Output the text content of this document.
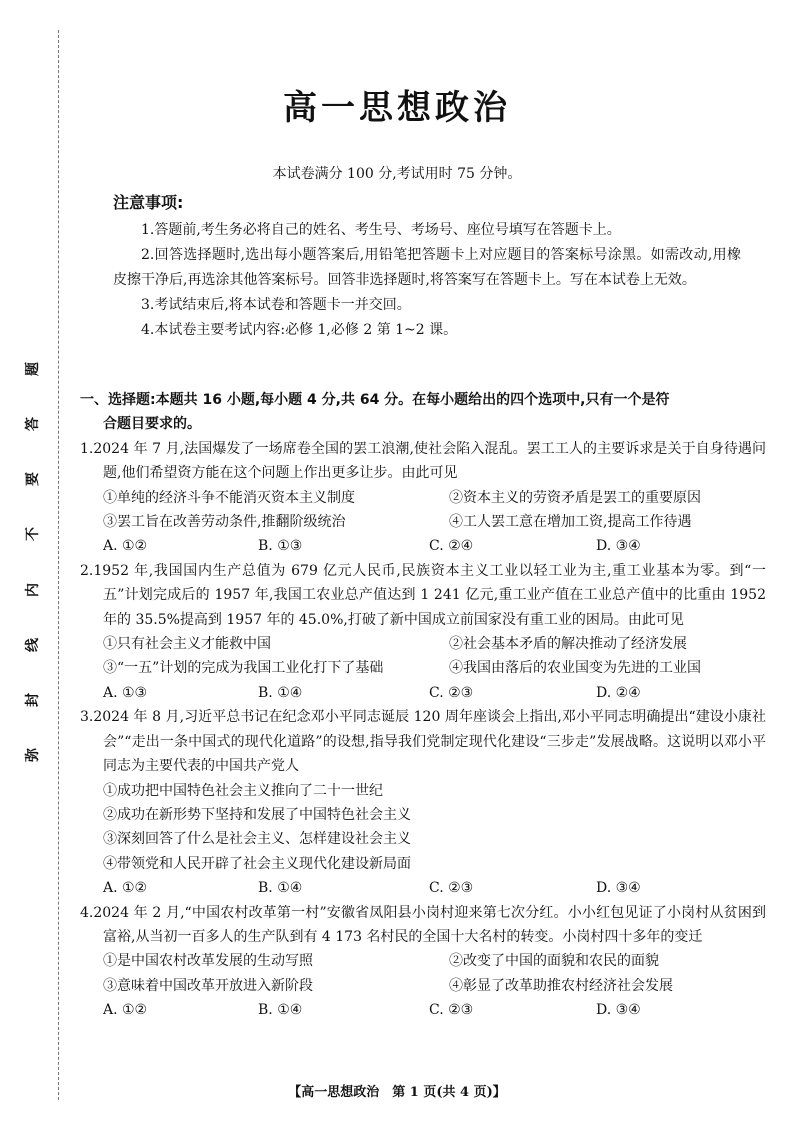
题
答
要
不
内
线
封
弥
高一思想政治
本试卷满分 100 分,考试用时 75 分钟。
注意事项:

1.答题前,考生务必将自己的姓名、考生号、考场号、座位号填写在答题卡上。

2.回答选择题时,选出每小题答案后,用铅笔把答题卡上对应题目的答案标号涂黑。如需改动,用橡皮擦干净后,再选涂其他答案标号。回答非选择题时,将答案写在答题卡上。写在本试卷上无效。

3.考试结束后,将本试卷和答题卡一并交回。

4.本试卷主要考试内容:必修 1,必修 2 第 1~2 课。

一、选择题:本题共 16 小题,每小题 4 分,共 64 分。在每小题给出的四个选项中,只有一个是符
合题目要求的。
1.2024 年 7 月,法国爆发了一场席卷全国的罢工浪潮,使社会陷入混乱。罢工工人的主要诉求是关于自身待遇问题,他们希望资方能在这个问题上作出更多让步。由此可见
①单纯的经济斗争不能消灭资本主义制度	②资本主义的劳资矛盾是罢工的重要原因
③罢工旨在改善劳动条件,推翻阶级统治	④工人罢工意在增加工资,提高工作待遇
A. ①②	B. ①③	C. ②④	D. ③④
2.1952 年,我国国内生产总值为 679 亿元人民币,民族资本主义工业以轻工业为主,重工业基本为零。到“一五”计划完成后的 1957 年,我国工农业总产值达到 1 241 亿元,重工业产值在工业总产值中的比重由 1952 年的 35.5%提高到 1957 年的 45.0%,打破了新中国成立前国家没有重工业的困局。由此可见
①只有社会主义才能救中国	②社会基本矛盾的解决推动了经济发展
③“一五”计划的完成为我国工业化打下了基础	④我国由落后的农业国变为先进的工业国
A. ①③	B. ①④	C. ②③	D. ②④
3.2024 年 8 月,习近平总书记在纪念邓小平同志诞辰 120 周年座谈会上指出,邓小平同志明确提出“建设小康社会”“走出一条中国式的现代化道路”的设想,指导我们党制定现代化建设“三步走”发展战略。这说明以邓小平同志为主要代表的中国共产党人
①成功把中国特色社会主义推向了二十一世纪
②成功在新形势下坚持和发展了中国特色社会主义
③深刻回答了什么是社会主义、怎样建设社会主义
④带领党和人民开辟了社会主义现代化建设新局面
A. ①②	B. ①④	C. ②③	D. ③④
4.2024 年 2 月,“中国农村改革第一村”安徽省凤阳县小岗村迎来第七次分红。小小红包见证了小岗村从贫困到富裕,从当初一百多人的生产队到有 4 173 名村民的全国十大名村的转变。小岗村四十多年的变迁
①是中国农村改革发展的生动写照	②改变了中国的面貌和农民的面貌
③意味着中国改革开放进入新阶段	④彰显了改革助推农村经济社会发展
A. ①②	B. ①④	C. ②③	D. ③④
【高一思想政治　第 1 页(共 4 页)】
